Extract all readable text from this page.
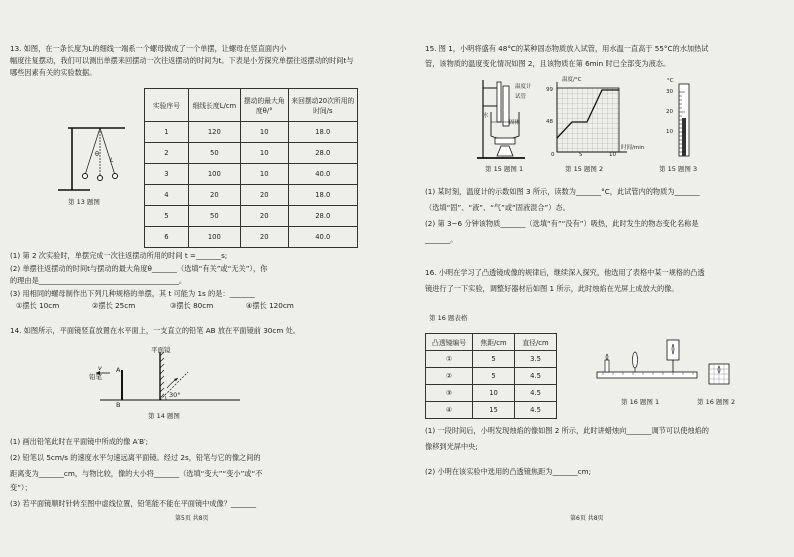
13. 如图，在一条长度为L的细线一端系一个螺母做成了一个单摆，让螺母在竖直面内小
幅度往复摆动，我们可以测出单摆来回摆动一次往返摆动的时间为t。下表是小芳探究单摆往返摆动的时间t与
哪些因素有关的实验数据。
θ
L
第 13 题图
实验序号	细线长度L/cm	摆动的最大角度θ/°	来回摆动20次所用的时间/s
1	120	10	18.0
2	50	10	28.0
3	100	10	40.0
4	20	20	18.0
5	50	20	28.0
6	100	20	40.0
(1) 第 2 次实验时，单摆完成一次往返摆动所用的时间 t =_______s;
(2) 单摆往返摆动的时间t与摆动的最大角度θ_______（选填“有关”或“无关”），你
的理由是_______________________________________。
(3) 用相同的螺母制作出下列几种规格的单摆，其 t 可能为 1s 的是：_______
①摆长 10cm	②摆长 25cm	③摆长 80cm	④摆长 120cm
14. 如图所示，平面镜竖直放置在水平面上，一支直立的铅笔 AB 放在平面镜前 30cm 处。
平面镜
铅笔
A
B
v
30°
第 14 题图
(1) 画出铅笔此时在平面镜中所成的像 A′B′;
(2) 铅笔以 5cm/s 的速度水平匀速远离平面镜。经过 2s，铅笔与它的像之间的
距离变为_______cm，与物比较，像的大小将_______（选填“变大”“变小”或“不
变”）；
(3) 若平面镜顺时针转至图中虚线位置，铅笔能不能在平面镜中成像？_______
第5页 共8页
15. 图 1，小明将盛有 48°C的某种固态物质放入试管，用水温一直高于 55°C的水加热试
管，该物质的温度变化情况如图 2，且该物质在第 6min 时已全部变为液态。
温度计
试管
水
固体
第 15 题图 1
温度/°C
99
48
0	5	10
时间/min
第 15 题图 2
°C
30
20
10
第 15 题图 3
(1) 某时刻，温度计的示数如图 3 所示，读数为_______°C，此试管内的物质为_______
（选填“固”、“液”、“气”或“固液混合”）态。
(2) 第 3~6 分钟该物质_______（选填“有”“没有”）吸热，此时发生的物态变化名称是
_______。
16. 小明在学习了凸透镜成像的规律后，继续深入探究，他选用了表格中某一规格的凸透
镜进行了一下实验，调整好器材后如图 1 所示，此时烛焰在光屏上成放大的像。
第 16 题表格
凸透镜编号	焦距/cm	直径/cm
①	5	3.5
②	5	4.5
③	10	4.5
④	15	4.5
第 16 题图 1	第 16 题图 2
(1) 一段时间后，小明发现烛焰的像如图 2 所示，此时讲蜡烛向_______调节可以使烛焰的
像移到光屏中央;
(2) 小明在该实验中选用的凸透镜焦距为_______cm;
第6页 共8页
